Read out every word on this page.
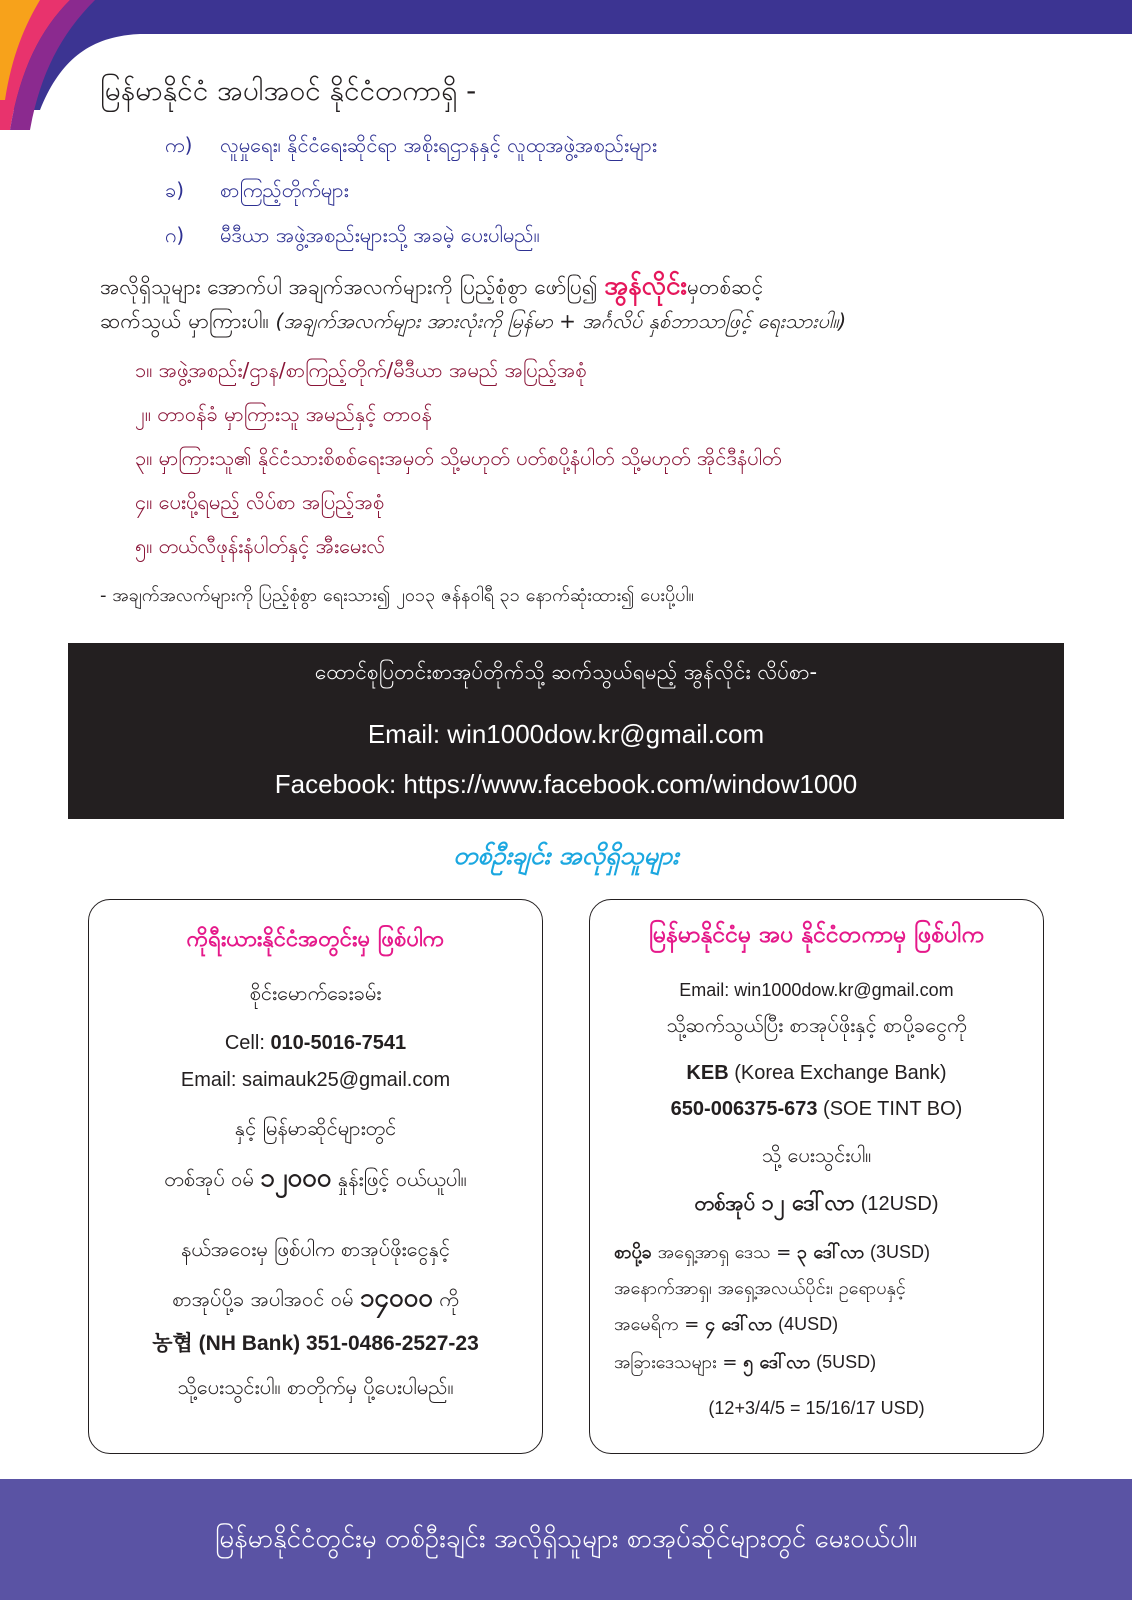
မြန်မာနိုင်ငံ အပါအဝင် နိုင်ငံတကာရှိ -
က) လူမှုရေး၊ နိုင်ငံရေးဆိုင်ရာ အစိုးရဌာနနှင့် လူထုအဖွဲ့အစည်းများ
ခ) စာကြည့်တိုက်များ
ဂ) မီဒီယာ အဖွဲ့အစည်းများသို့ အခမဲ့ ပေးပါမည်။
အလိုရှိသူများ အောက်ပါ အချက်အလက်များကို ပြည့်စုံစွာ ဖော်ပြ၍ အွန်လိုင်းမှတစ်ဆင့်
ဆက်သွယ် မှာကြားပါ။ (အချက်အလက်များ အားလုံးကို မြန်မာ + အင်္ဂလိပ် နှစ်ဘာသာဖြင့် ရေးသားပါ။)
၁။ အဖွဲ့အစည်း/ဌာန/စာကြည့်တိုက်/မီဒီယာ အမည် အပြည့်အစုံ
၂။ တာဝန်ခံ မှာကြားသူ အမည်နှင့် တာဝန်
၃။ မှာကြားသူ၏ နိုင်ငံသားစိစစ်ရေးအမှတ် သို့မဟုတ် ပတ်စပို့နံပါတ် သို့မဟုတ် အိုင်ဒီနံပါတ်
၄။ ပေးပို့ရမည့် လိပ်စာ အပြည့်အစုံ
၅။ တယ်လီဖုန်းနံပါတ်နှင့် အီးမေးလ်
- အချက်အလက်များကို ပြည့်စုံစွာ ရေးသား၍ ၂၀၁၃ ဇန်နဝါရီ ၃၁ နောက်ဆုံးထား၍ ပေးပို့ပါ။
ထောင်စုပြတင်းစာအုပ်တိုက်သို့ ဆက်သွယ်ရမည့် အွန်လိုင်း လိပ်စာ-
Email: win1000dow.kr@gmail.com
Facebook: https://www.facebook.com/window1000
တစ်ဦးချင်း အလိုရှိသူများ
ကိုရီးယားနိုင်ငံအတွင်းမှ ဖြစ်ပါက
စိုင်းမောက်ခေးခမ်း
Cell: 010-5016-7541
Email: saimauk25@gmail.com
နှင့် မြန်မာဆိုင်များတွင်
တစ်အုပ် ဝမ် ၁၂၀၀၀ နှုန်းဖြင့် ဝယ်ယူပါ။
နယ်အဝေးမှ ဖြစ်ပါက စာအုပ်ဖိုးငွေနှင့်
စာအုပ်ပို့ခ အပါအဝင် ဝမ် ၁၄၀၀၀ ကို
농협 (NH Bank) 351-0486-2527-23
သို့ပေးသွင်းပါ။ စာတိုက်မှ ပို့ပေးပါမည်။
မြန်မာနိုင်ငံမှ အပ နိုင်ငံတကာမှ ဖြစ်ပါက
Email: win1000dow.kr@gmail.com
သို့ဆက်သွယ်ပြီး စာအုပ်ဖိုးနှင့် စာပို့ခငွေကို
KEB (Korea Exchange Bank)
650-006375-673 (SOE TINT BO)
သို့ ပေးသွင်းပါ။
တစ်အုပ် ၁၂ ဒေါ်လာ (12USD)
စာပို့ခ အရှေ့အာရှ ဒေသ = ၃ ဒေါ်လာ (3USD)
အနောက်အာရှ၊ အရှေ့အလယ်ပိုင်း၊ ဥရောပနှင့်
အမေရိက = ၄ ဒေါ်လာ (4USD)
အခြားဒေသများ = ၅ ဒေါ်လာ (5USD)
(12+3/4/5 = 15/16/17 USD)
မြန်မာနိုင်ငံတွင်းမှ တစ်ဦးချင်း အလိုရှိသူများ စာအုပ်ဆိုင်များတွင် မေးဝယ်ပါ။
